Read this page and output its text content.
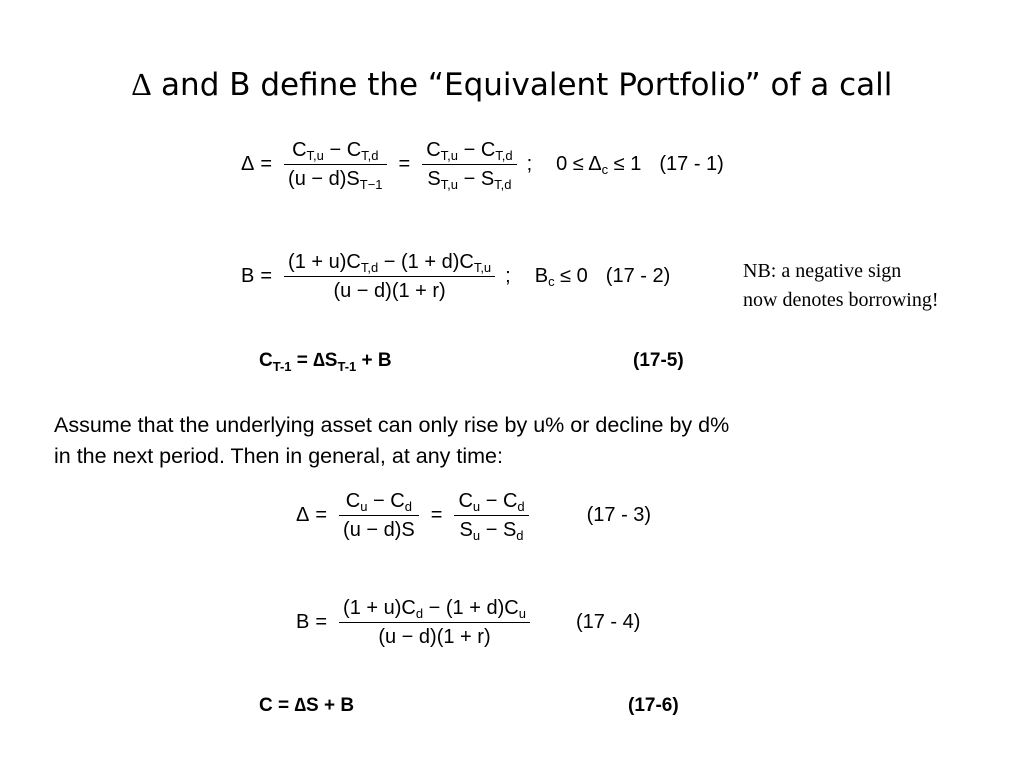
∆ and B define the “Equivalent Portfolio” of a call
$\Delta = \frac{C_{T,u} - C_{T,d}}{(u - d)S_{T-1}} = \frac{C_{T,u} - C_{T,d}}{S_{T,u} - S_{T,d}}$ ; $0 \le \Delta_c \le 1$ (17 - 1)
$B = \frac{(1 + u)C_{T,d} - (1 + d)C_{T,u}}{(u - d)(1 + r)}$ ; $B_c \le 0$ (17 - 2)	NB: a negative sign
now denotes borrowing!
$C_{T-1} = \Delta S_{T-1} + B$	(17-5)
Assume that the underlying asset can only rise by u% or decline by d%
in the next period. Then in general, at any time:
$\Delta = \frac{C_u - C_d}{(u - d)S} = \frac{C_u - C_d}{S_u - S_d}$	(17 - 3)
$B = \frac{(1 + u)C_d - (1 + d)C_u}{(u - d)(1 + r)} (17 - 4)$
C = ∆S + B	(17-6)
